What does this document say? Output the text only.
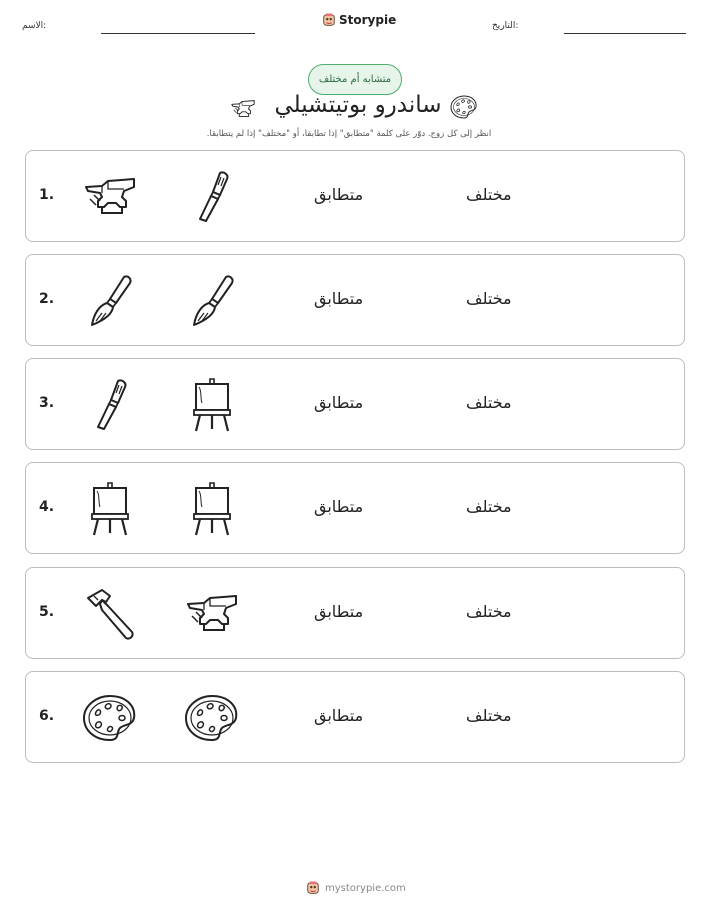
الاسم:	Storypie	التاريخ:
متشابه أم مختلف
ساندرو بوتيتشيلي
انظر إلى كل زوج. دوّر على كلمة "متطابق" إذا تطابقا، أو "مختلف" إذا لم يتطابقا.
1.	متطابق	مختلف
2.	متطابق	مختلف
3.	متطابق	مختلف
4.	متطابق	مختلف
5.	متطابق	مختلف
6.	متطابق	مختلف
mystorypie.com
